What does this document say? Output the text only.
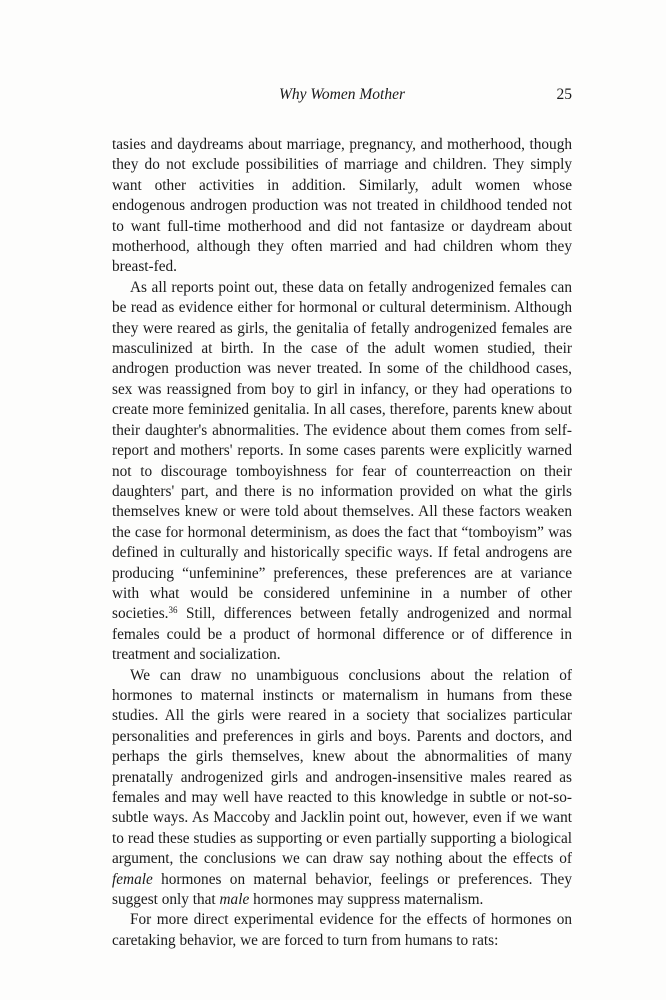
Why Women Mother	25

tasies and daydreams about marriage, pregnancy, and motherhood, though they do not exclude possibilities of marriage and children. They simply want other activities in addition. Similarly, adult women whose endogenous androgen production was not treated in childhood tended not to want full-time motherhood and did not fantasize or daydream about motherhood, although they often married and had children whom they breast-fed.

As all reports point out, these data on fetally androgenized females can be read as evidence either for hormonal or cultural determinism. Although they were reared as girls, the genitalia of fetally androgenized females are masculinized at birth. In the case of the adult women studied, their androgen production was never treated. In some of the childhood cases, sex was reassigned from boy to girl in infancy, or they had operations to create more feminized genitalia. In all cases, therefore, parents knew about their daughter's abnormalities. The evidence about them comes from self-report and mothers' reports. In some cases parents were explicitly warned not to discourage tomboyishness for fear of counterreaction on their daughters' part, and there is no information provided on what the girls themselves knew or were told about themselves. All these factors weaken the case for hormonal determinism, as does the fact that “tomboyism” was defined in culturally and historically specific ways. If fetal androgens are producing “unfeminine” preferences, these preferences are at variance with what would be considered unfeminine in a number of other societies.$^{36}$ Still, differences between fetally androgenized and normal females could be a product of hormonal difference or of difference in treatment and socialization.

We can draw no unambiguous conclusions about the relation of hormones to maternal instincts or maternalism in humans from these studies. All the girls were reared in a society that socializes particular personalities and preferences in girls and boys. Parents and doctors, and perhaps the girls themselves, knew about the abnormalities of many prenatally androgenized girls and androgen-insensitive males reared as females and may well have reacted to this knowledge in subtle or not-so-subtle ways. As Maccoby and Jacklin point out, however, even if we want to read these studies as supporting or even partially supporting a biological argument, the conclusions we can draw say nothing about the effects of female hormones on maternal behavior, feelings or preferences. They suggest only that male hormones may suppress maternalism.

For more direct experimental evidence for the effects of hormones on caretaking behavior, we are forced to turn from humans to rats:
